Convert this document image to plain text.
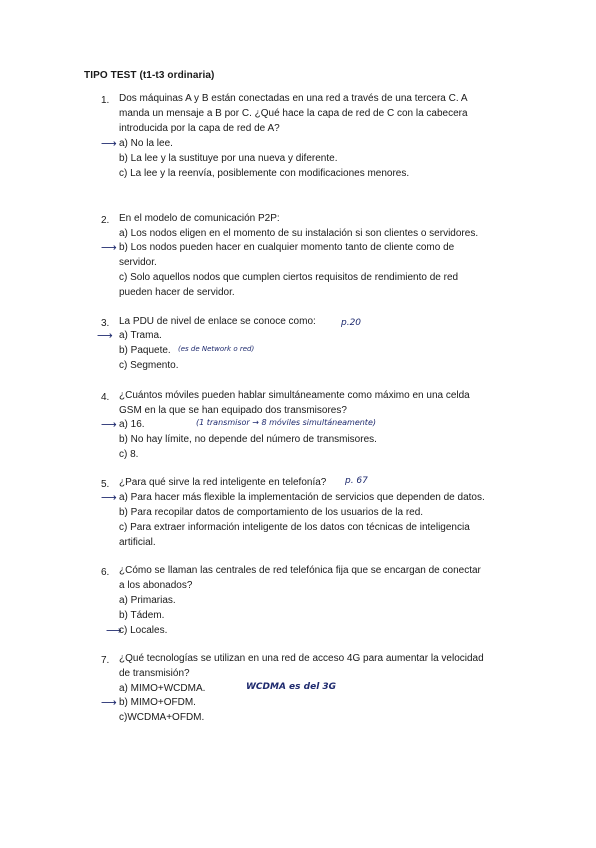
TIPO TEST (t1-t3 ordinaria)
1. Dos máquinas A y B están conectadas en una red a través de una tercera C. A
manda un mensaje a B por C. ¿Qué hace la capa de red de C con la cabecera
introducida por la capa de red de A?
⟶ a) No la lee.
b) La lee y la sustituye por una nueva y diferente.
c) La lee y la reenvía, posiblemente con modificaciones menores.
2. En el modelo de comunicación P2P:
a) Los nodos eligen en el momento de su instalación si son clientes o servidores.
⟶ b) Los nodos pueden hacer en cualquier momento tanto de cliente como de
servidor.
c) Solo aquellos nodos que cumplen ciertos requisitos de rendimiento de red
pueden hacer de servidor.
3. La PDU de nivel de enlace se conoce como:	p.20
⟶ a) Trama.
b) Paquete. (es de Network o red)
c) Segmento.
4. ¿Cuántos móviles pueden hablar simultáneamente como máximo en una celda
GSM en la que se han equipado dos transmisores?
⟶ a) 16.	(1 transmisor → 8 móviles simultáneamente)
b) No hay límite, no depende del número de transmisores.
c) 8.
5. ¿Para qué sirve la red inteligente en telefonía? p. 67
⟶ a) Para hacer más flexible la implementación de servicios que dependen de datos.
b) Para recopilar datos de comportamiento de los usuarios de la red.
c) Para extraer información inteligente de los datos con técnicas de inteligencia
artificial.
6. ¿Cómo se llaman las centrales de red telefónica fija que se encargan de conectar
a los abonados?
a) Primarias.
b) Tádem.
⟶
c) Locales.
7. ¿Qué tecnologías se utilizan en una red de acceso 4G para aumentar la velocidad
de transmisión?
a) MIMO+WCDMA.	WCDMA es del 3G
⟶ b) MIMO+OFDM.
c)WCDMA+OFDM.
